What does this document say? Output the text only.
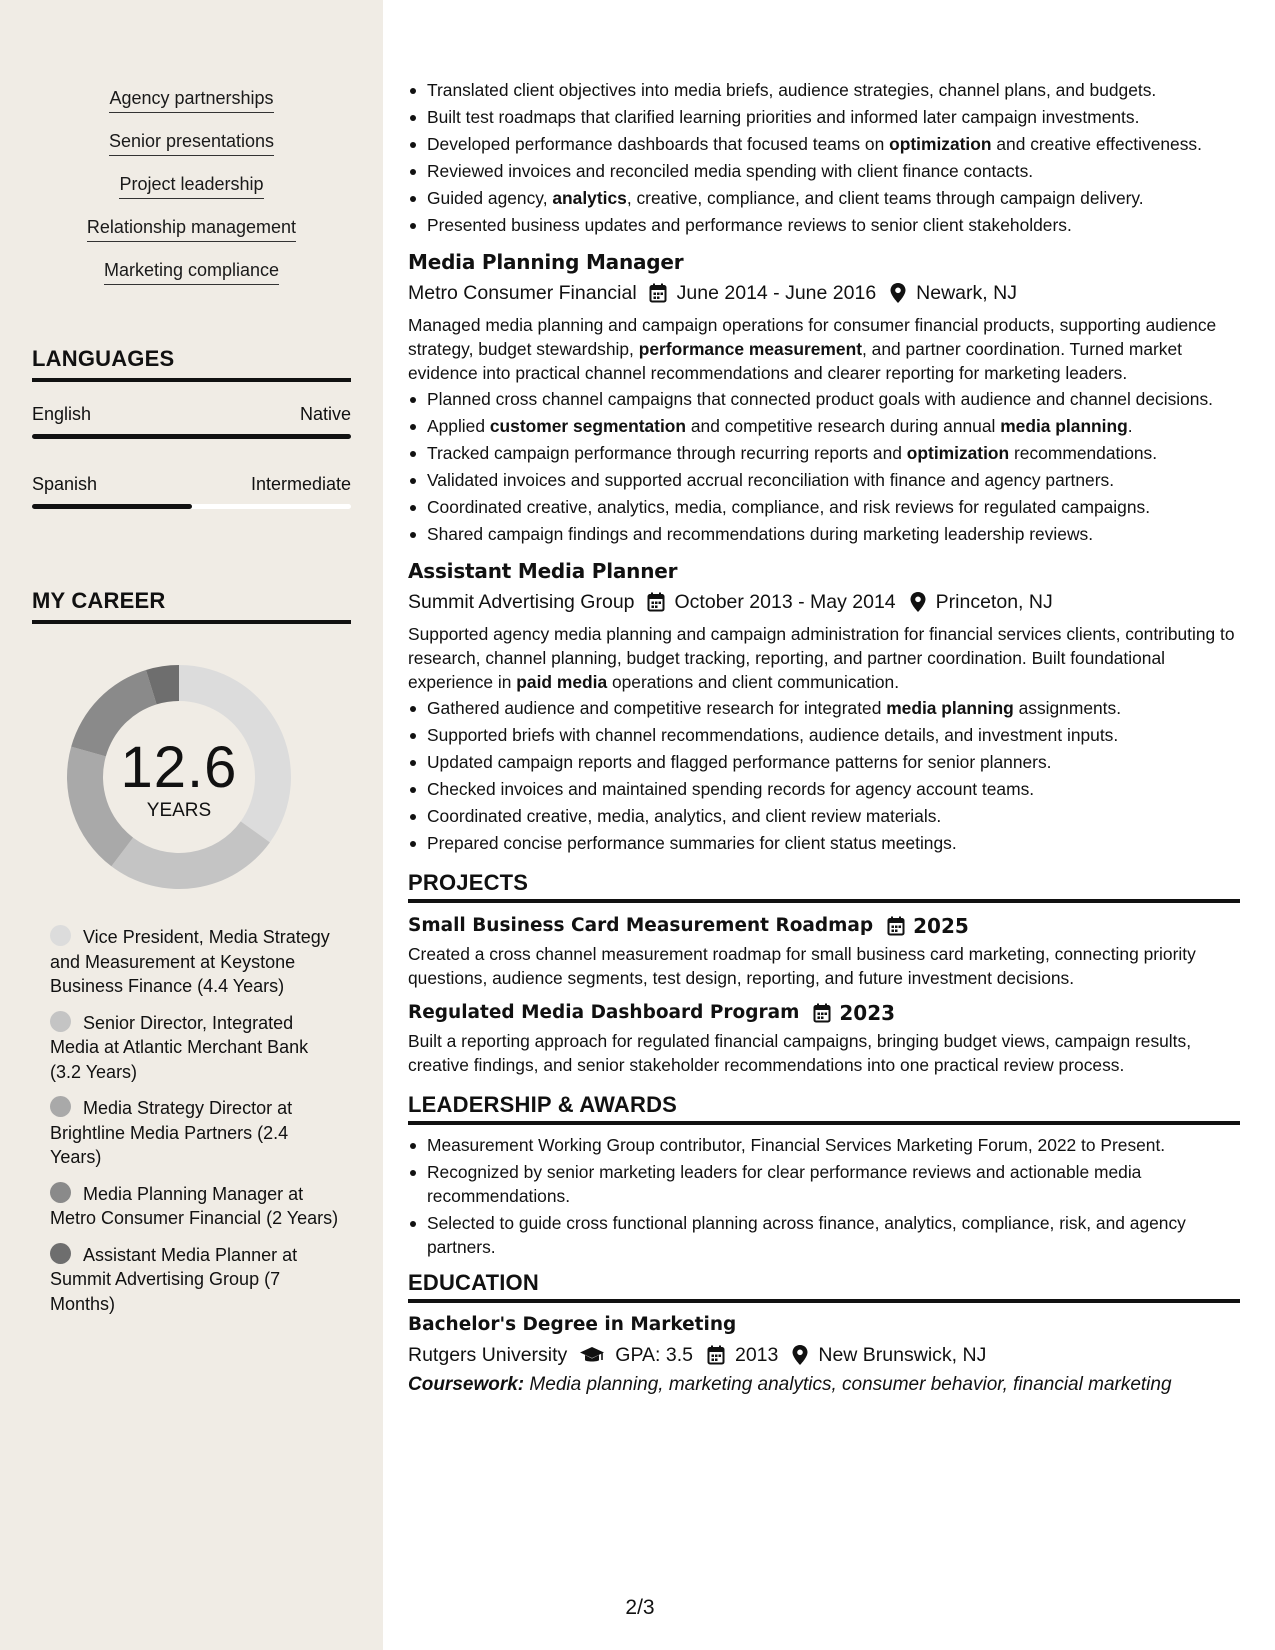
Agency partnerships
Senior presentations
Project leadership
Relationship management
Marketing compliance
LANGUAGES
English	Native
Spanish	Intermediate
MY CAREER
12.6
YEARS
Vice President, Media Strategy and Measurement at Keystone Business Finance (4.4 Years)
Senior Director, Integrated Media at Atlantic Merchant Bank (3.2 Years)
Media Strategy Director at Brightline Media Partners (2.4 Years)
Media Planning Manager at Metro Consumer Financial (2 Years)
Assistant Media Planner at Summit Advertising Group (7 Months)
Translated client objectives into media briefs, audience strategies, channel plans, and budgets.
Built test roadmaps that clarified learning priorities and informed later campaign investments.
Developed performance dashboards that focused teams on optimization and creative effectiveness.
Reviewed invoices and reconciled media spending with client finance contacts.
Guided agency, analytics, creative, compliance, and client teams through campaign delivery.
Presented business updates and performance reviews to senior client stakeholders.
Media Planning Manager
Metro Consumer Financial June 2014 - June 2016 Newark, NJ
Managed media planning and campaign operations for consumer financial products, supporting audience strategy, budget stewardship, performance measurement, and partner coordination. Turned market evidence into practical channel recommendations and clearer reporting for marketing leaders.
Planned cross channel campaigns that connected product goals with audience and channel decisions.
Applied customer segmentation and competitive research during annual media planning.
Tracked campaign performance through recurring reports and optimization recommendations.
Validated invoices and supported accrual reconciliation with finance and agency partners.
Coordinated creative, analytics, media, compliance, and risk reviews for regulated campaigns.
Shared campaign findings and recommendations during marketing leadership reviews.
Assistant Media Planner
Summit Advertising Group October 2013 - May 2014 Princeton, NJ
Supported agency media planning and campaign administration for financial services clients, contributing to research, channel planning, budget tracking, reporting, and partner coordination. Built foundational experience in paid media operations and client communication.
Gathered audience and competitive research for integrated media planning assignments.
Supported briefs with channel recommendations, audience details, and investment inputs.
Updated campaign reports and flagged performance patterns for senior planners.
Checked invoices and maintained spending records for agency account teams.
Coordinated creative, media, analytics, and client review materials.
Prepared concise performance summaries for client status meetings.
PROJECTS
Small Business Card Measurement Roadmap 2025
Created a cross channel measurement roadmap for small business card marketing, connecting priority questions, audience segments, test design, reporting, and future investment decisions.
Regulated Media Dashboard Program 2023
Built a reporting approach for regulated financial campaigns, bringing budget views, campaign results, creative findings, and senior stakeholder recommendations into one practical review process.
LEADERSHIP & AWARDS
Measurement Working Group contributor, Financial Services Marketing Forum, 2022 to Present.
Recognized by senior marketing leaders for clear performance reviews and actionable media recommendations.
Selected to guide cross functional planning across finance, analytics, compliance, risk, and agency partners.
EDUCATION
Bachelor's Degree in Marketing
Rutgers University GPA: 3.5 2013 New Brunswick, NJ
Coursework: Media planning, marketing analytics, consumer behavior, financial marketing
2/3
